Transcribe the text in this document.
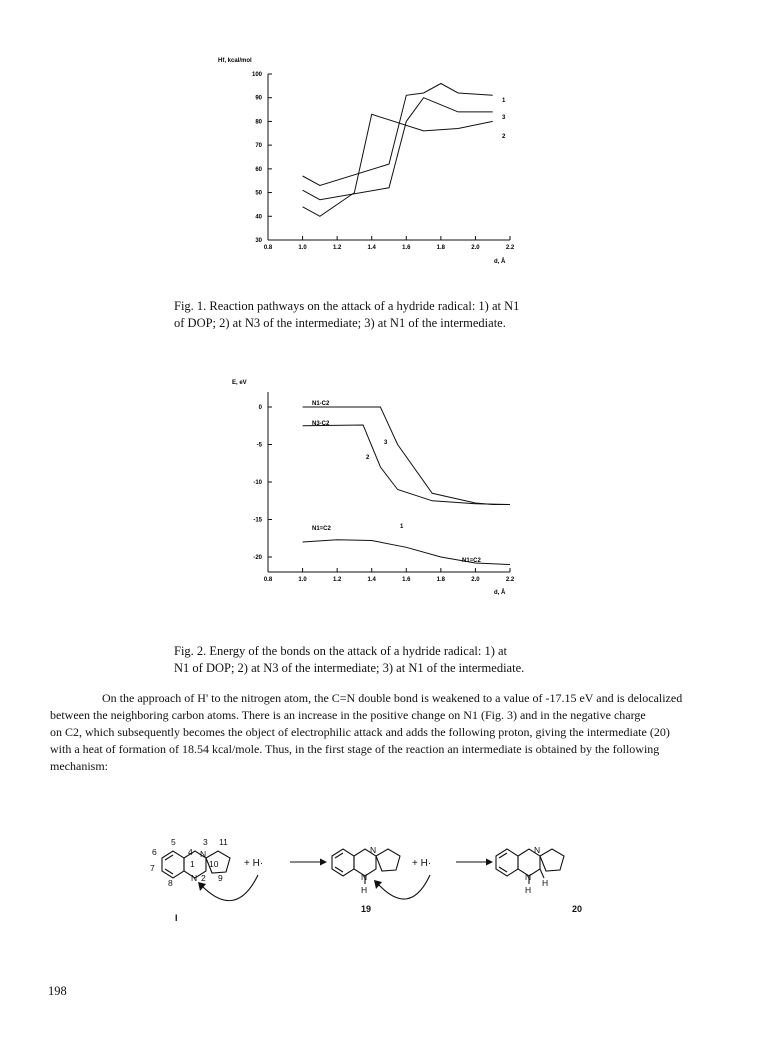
Hf, kcal/mol
100
90
80
70
60
50
40
30
0.8	1.0	1.2	1.4	1.6	1.8	2.0	2.2
1
3
2
d, Å
Fig. 1. Reaction pathways on the attack of a hydride radical: 1) at N1
of DOP; 2) at N3 of the intermediate; 3) at N1 of the intermediate.
E, eV
0
-5
-10
-15
-20
0.8	1.0	1.2	1.4	1.6	1.8	2.0	2.2
N1-C2
N3-C2
N1=C2
N1=C2
1
2
3
d, Å
Fig. 2. Energy of the bonds on the attack of a hydride radical: 1) at
N1 of DOP; 2) at N3 of the intermediate; 3) at N1 of the intermediate.
On the approach of H' to the nitrogen atom, the C=N double bond is weakened to a value of -17.15 eV and is delocalized
between the neighboring carbon atoms. There is an increase in the positive change on N1 (Fig. 3) and in the negative charge
on C2, which subsequently becomes the object of electrophilic attack and adds the following proton, giving the intermediate (20)
with a heat of formation of 18.54 kcal/mole. Thus, in the first stage of the reaction an intermediate is obtained by the following
mechanism:
5	3 11
6	4 N
1 10
7
N 2 9
8
N
N
H
N
N
H
H
+ H·	+ H·
I
19	20
198
